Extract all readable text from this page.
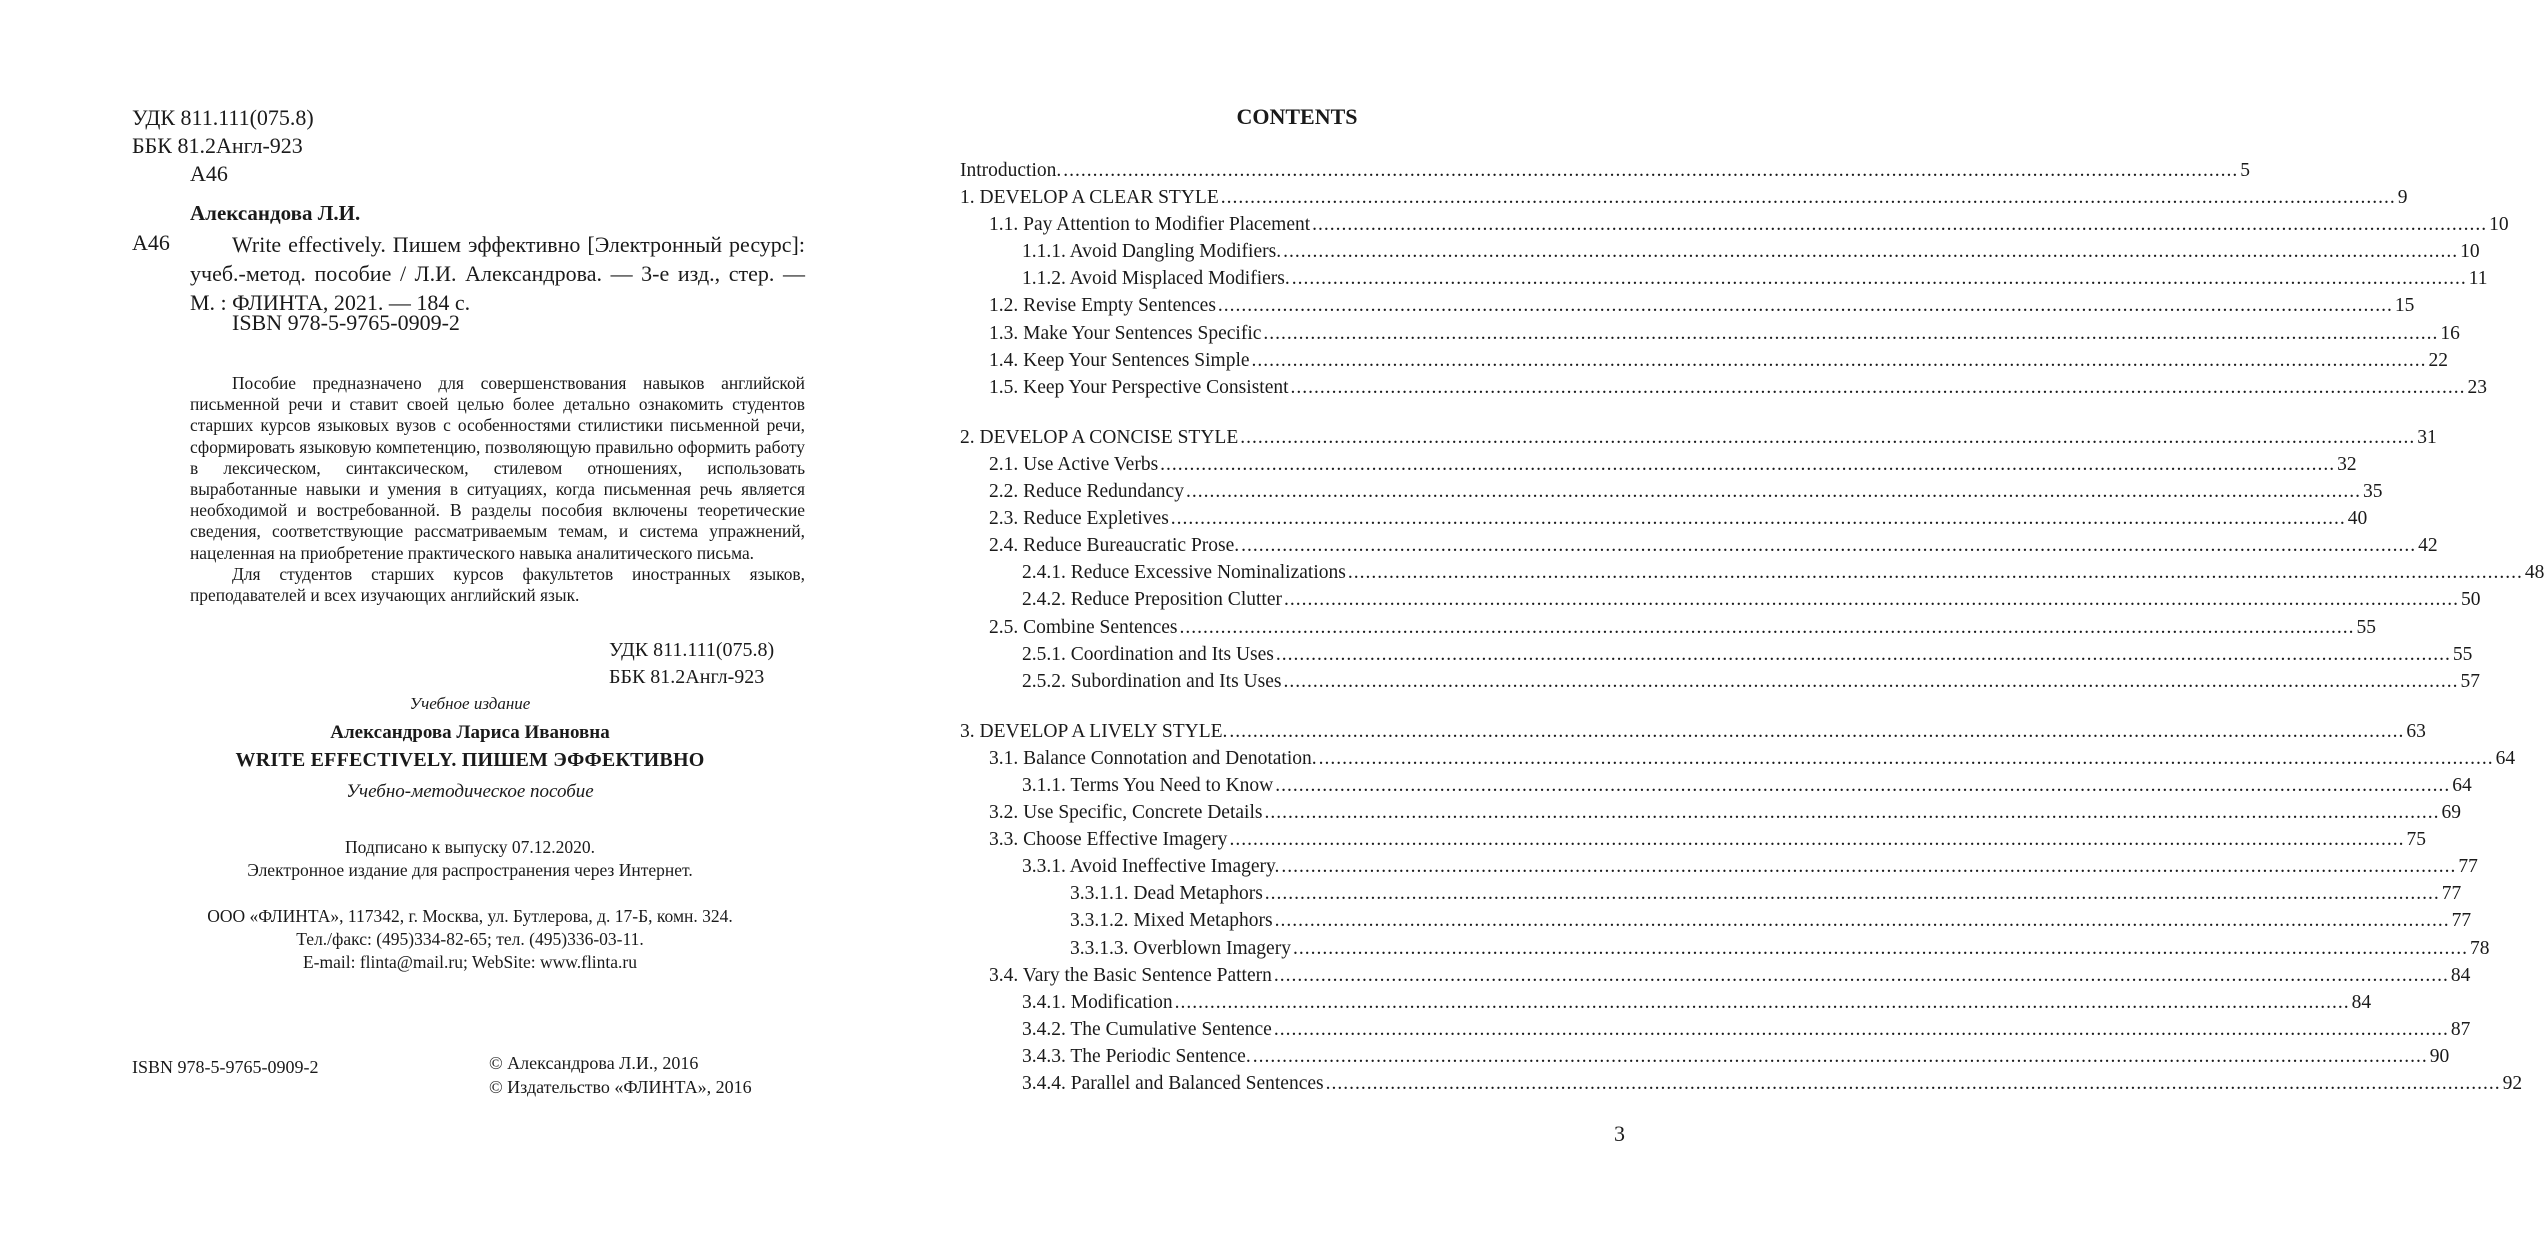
УДК 811.111(075.8)
ББК 81.2Англ-923
А46
Александова Л.И.
А46	Write effectively. Пишем эффективно [Электронный ресурс]: учеб.-метод. пособие / Л.И. Александрова. — 3-е изд., стер. — М. : ФЛИНТА, 2021. — 184 с.
ISBN 978-5-9765-0909-2

Пособие предназначено для совершенствования навыков английской письменной речи и ставит своей целью более детально ознакомить студентов старших курсов языковых вузов с особенностями стилистики письменной речи, сформировать языковую компетенцию, позволяющую правильно оформить работу в лексическом, синтаксическом, стилевом отношениях, использовать выработанные навыки и умения в ситуациях, когда письменная речь является необходимой и востребованной. В разделы пособия включены теоретические сведения, соответствующие рассматриваемым темам, и система упражнений, нацеленная на приобретение практического навыка аналитического письма.

Для студентов старших курсов факультетов иностранных языков, преподавателей и всех изучающих английский язык.

УДК 811.111(075.8)
ББК 81.2Англ-923
Учебное издание
Александрова Лариса Ивановна
WRITE EFFECTIVELY. ПИШЕМ ЭФФЕКТИВНО
Учебно-методическое пособие
Подписано к выпуску 07.12.2020.
Электронное издание для распространения через Интернет.
ООО «ФЛИНТА», 117342, г. Москва, ул. Бутлерова, д. 17-Б, комн. 324.
Тел./факс: (495)334-82-65; тел. (495)336-03-11.
E-mail: flinta@mail.ru; WebSite: www.flinta.ru
ISBN 978-5-9765-0909-2	© Александрова Л.И., 2016
© Издательство «ФЛИНТА», 2016
CONTENTS
Introduction. ........................................................................................................................................................................................................ 5
1. DEVELOP A CLEAR STYLE ........................................................................................................................................................................................................ 9
1.1. Pay Attention to Modifier Placement ........................................................................................................................................................................................................ 10
1.1.1. Avoid Dangling Modifiers. ........................................................................................................................................................................................................ 10
1.1.2. Avoid Misplaced Modifiers. ........................................................................................................................................................................................................ 11
1.2. Revise Empty Sentences ........................................................................................................................................................................................................ 15
1.3. Make Your Sentences Specific ........................................................................................................................................................................................................ 16
1.4. Keep Your Sentences Simple ........................................................................................................................................................................................................ 22
1.5. Keep Your Perspective Consistent ........................................................................................................................................................................................................ 23
2. DEVELOP A CONCISE STYLE ........................................................................................................................................................................................................ 31
2.1. Use Active Verbs ........................................................................................................................................................................................................ 32
2.2. Reduce Redundancy ........................................................................................................................................................................................................ 35
2.3. Reduce Expletives ........................................................................................................................................................................................................ 40
2.4. Reduce Bureaucratic Prose. ........................................................................................................................................................................................................ 42
2.4.1. Reduce Excessive Nominalizations ........................................................................................................................................................................................................ 48
2.4.2. Reduce Preposition Clutter ........................................................................................................................................................................................................ 50
2.5. Combine Sentences ........................................................................................................................................................................................................ 55
2.5.1. Coordination and Its Uses ........................................................................................................................................................................................................ 55
2.5.2. Subordination and Its Uses ........................................................................................................................................................................................................ 57
3. DEVELOP A LIVELY STYLE. ........................................................................................................................................................................................................ 63
3.1. Balance Connotation and Denotation. ........................................................................................................................................................................................................ 64
3.1.1. Terms You Need to Know ........................................................................................................................................................................................................ 64
3.2. Use Specific, Concrete Details ........................................................................................................................................................................................................ 69
3.3. Choose Effective Imagery ........................................................................................................................................................................................................ 75
3.3.1. Avoid Ineffective Imagery. ........................................................................................................................................................................................................ 77
3.3.1.1. Dead Metaphors ........................................................................................................................................................................................................ 77
3.3.1.2. Mixed Metaphors ........................................................................................................................................................................................................ 77
3.3.1.3. Overblown Imagery ........................................................................................................................................................................................................ 78
3.4. Vary the Basic Sentence Pattern ........................................................................................................................................................................................................ 84
3.4.1. Modification ........................................................................................................................................................................................................ 84
3.4.2. The Cumulative Sentence ........................................................................................................................................................................................................ 87
3.4.3. The Periodic Sentence. ........................................................................................................................................................................................................ 90
3.4.4. Parallel and Balanced Sentences ........................................................................................................................................................................................................ 92
3
